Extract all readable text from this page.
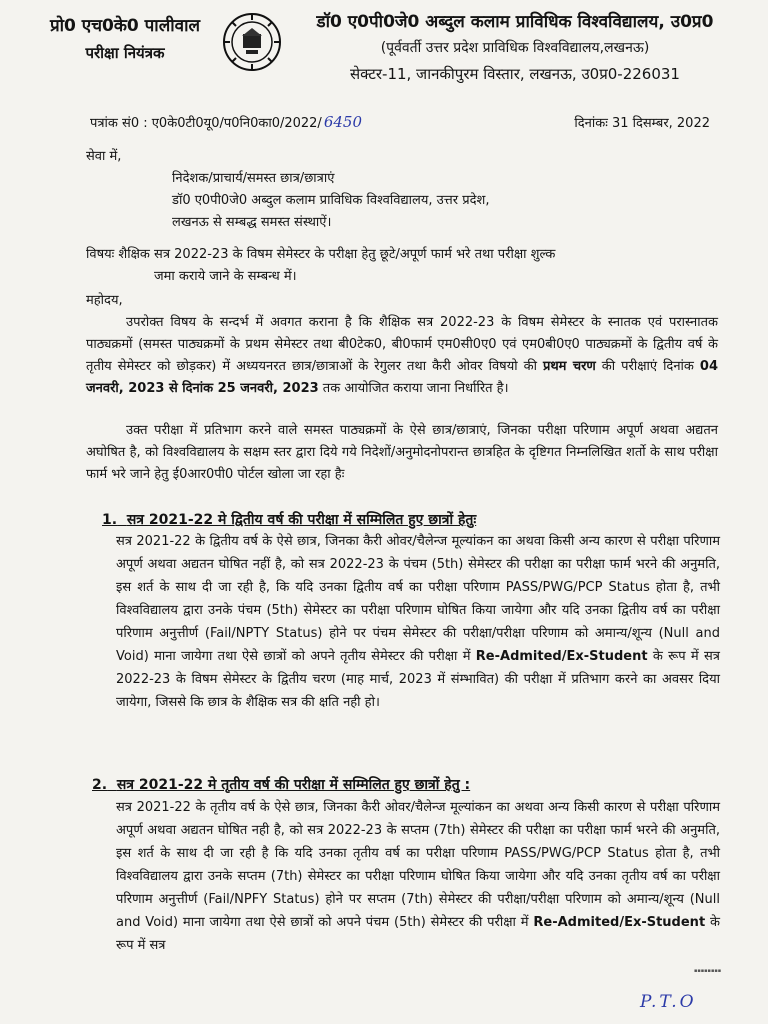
प्रो0 एच0के0 पालीवाल
परीक्षा नियंत्रक
डॉ0 ए0पी0जे0 अब्दुल कलाम प्राविधिक विश्वविद्यालय, उ0प्र0
(पूर्ववर्ती उत्तर प्रदेश प्राविधिक विश्वविद्यालय,लखनऊ)
सेक्टर-11, जानकीपुरम विस्तार, लखनऊ, उ0प्र0-226031
पत्रांक सं0 : ए0के0टी0यू0/प0नि0का0/2022/ 6450	दिनांकः 31 दिसम्बर, 2022
सेवा में,
निदेशक/प्राचार्य/समस्त छात्र/छात्राएं
डॉ0 ए0पी0जे0 अब्दुल कलाम प्राविधिक विश्वविद्यालय, उत्तर प्रदेश,
लखनऊ से सम्बद्ध समस्त संस्थाऐं।
विषयः शैक्षिक सत्र 2022-23 के विषम सेमेस्टर के परीक्षा हेतु छूटे/अपूर्ण फार्म भरे तथा परीक्षा शुल्क
जमा कराये जाने के सम्बन्ध में।
महोदय,
उपरोक्त विषय के सन्दर्भ में अवगत कराना है कि शैक्षिक सत्र 2022-23 के विषम सेमेस्टर के स्नातक एवं परास्नातक पाठ्यक्रमों (समस्त पाठ्यक्रमों के प्रथम सेमेस्टर तथा बी0टेक0, बी0फार्म एम0सी0ए0 एवं एम0बी0ए0 पाठ्यक्रमों के द्वितीय वर्ष के तृतीय सेमेस्टर को छोड़कर) में अध्ययनरत छात्र/छात्राओं के रेगुलर तथा कैरी ओवर विषयो की प्रथम चरण की परीक्षाएं दिनांक 04 जनवरी, 2023 से दिनांक 25 जनवरी, 2023 तक आयोजित कराया जाना निर्धारित है।
उक्त परीक्षा में प्रतिभाग करने वाले समस्त पाठ्यक्रमों के ऐसे छात्र/छात्राएं, जिनका परीक्षा परिणाम अपूर्ण अथवा अद्यतन अघोषित है, को विश्वविद्यालय के सक्षम स्तर द्वारा दिये गये निदेशों/अनुमोदनोपरान्त छात्रहित के दृष्टिगत निम्नलिखित शर्तो के साथ परीक्षा फार्म भरे जाने हेतु ई0आर0पी0 पोर्टल खोला जा रहा हैः
1. सत्र 2021-22 मे द्वितीय वर्ष की परीक्षा में सम्मिलित हुए छात्रों हेतुः
सत्र 2021-22 के द्वितीय वर्ष के ऐसे छात्र, जिनका कैरी ओवर/चैलेन्ज मूल्यांकन का अथवा किसी अन्य कारण से परीक्षा परिणाम अपूर्ण अथवा अद्यतन घोषित नहीं है, को सत्र 2022-23 के पंचम (5th) सेमेस्टर की परीक्षा का परीक्षा फार्म भरने की अनुमति, इस शर्त के साथ दी जा रही है, कि यदि उनका द्वितीय वर्ष का परीक्षा परिणाम PASS/PWG/PCP Status होता है, तभी विश्वविद्यालय द्वारा उनके पंचम (5th) सेमेस्टर का परीक्षा परिणाम घोषित किया जायेगा और यदि उनका द्वितीय वर्ष का परीक्षा परिणाम अनुत्तीर्ण (Fail/NPTY Status) होने पर पंचम सेमेस्टर की परीक्षा/परीक्षा परिणाम को अमान्य/शून्य (Null and Void) माना जायेगा तथा ऐसे छात्रों को अपने तृतीय सेमेस्टर की परीक्षा में Re-Admited/Ex-Student के रूप में सत्र 2022-23 के विषम सेमेस्टर के द्वितीय चरण (माह मार्च, 2023 में संम्भावित) की परीक्षा में प्रतिभाग करने का अवसर दिया जायेगा, जिससे कि छात्र के शैक्षिक सत्र की क्षति नही हो।
2. सत्र 2021-22 मे तृतीय वर्ष की परीक्षा में सम्मिलित हुए छात्रों हेतु :
सत्र 2021-22 के तृतीय वर्ष के ऐसे छात्र, जिनका कैरी ओवर/चैलेन्ज मूल्यांकन का अथवा अन्य किसी कारण से परीक्षा परिणाम अपूर्ण अथवा अद्यतन घोषित नही है, को सत्र 2022-23 के सप्तम (7th) सेमेस्टर की परीक्षा का परीक्षा फार्म भरने की अनुमति, इस शर्त के साथ दी जा रही है कि यदि उनका तृतीय वर्ष का परीक्षा परिणाम PASS/PWG/PCP Status होता है, तभी विश्वविद्यालय द्वारा उनके सप्तम (7th) सेमेस्टर का परीक्षा परिणाम घोषित किया जायेगा और यदि उनका तृतीय वर्ष का परीक्षा परिणाम अनुत्तीर्ण (Fail/NPFY Status) होने पर सप्तम (7th) सेमेस्टर की परीक्षा/परीक्षा परिणाम को अमान्य/शून्य (Null and Void) माना जायेगा तथा ऐसे छात्रों को अपने पंचम (5th) सेमेस्टर की परीक्षा में Re-Admited/Ex-Student के रूप में सत्र
▪▪▪▪▪▪▪▪
P.T.O
